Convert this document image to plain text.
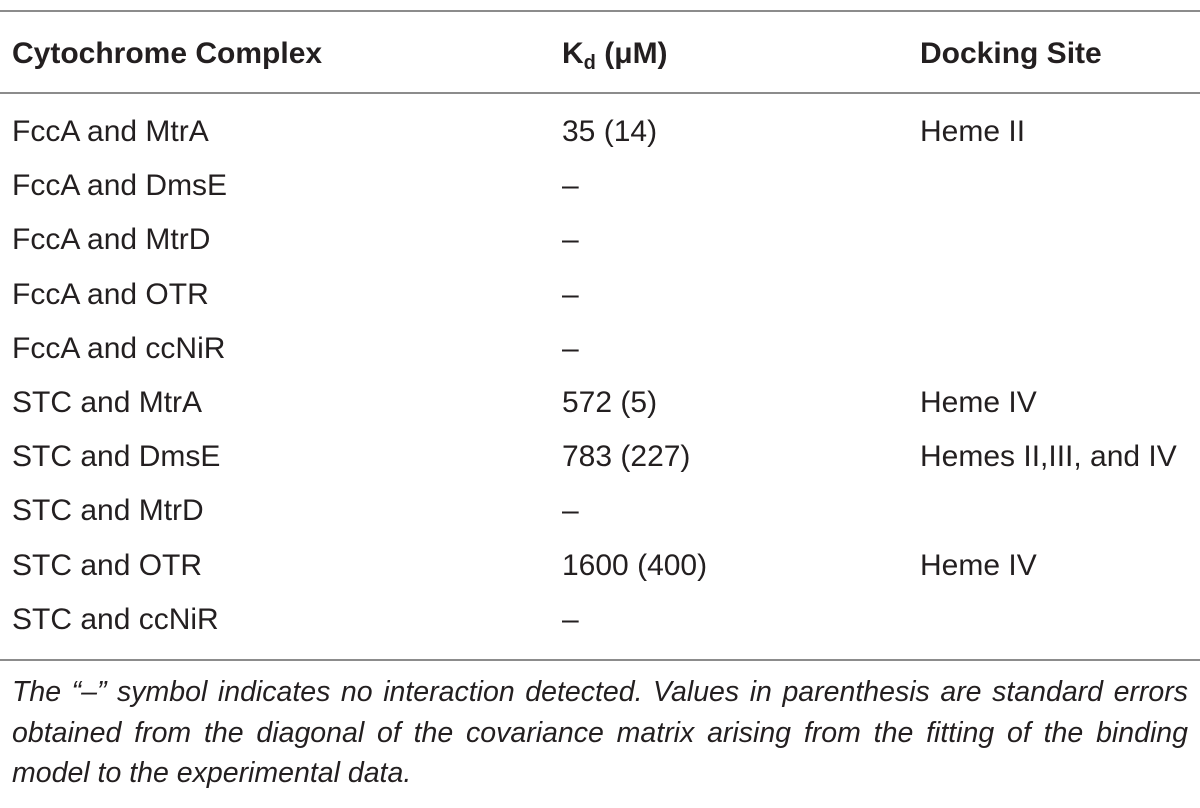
Cytochrome Complex	$K_d$ (μM)	Docking Site
FccA and MtrA	35 (14)	Heme II
FccA and DmsE	–
FccA and MtrD	–
FccA and OTR	–
FccA and ccNiR	–
STC and MtrA	572 (5)	Heme IV
STC and DmsE	783 (227)	Hemes II,III, and IV
STC and MtrD	–
STC and OTR	1600 (400)	Heme IV
STC and ccNiR	–
The “–” symbol indicates no interaction detected. Values in parenthesis are standard errors obtained from the diagonal of the covariance matrix arising from the fitting of the binding model to the experimental data.
